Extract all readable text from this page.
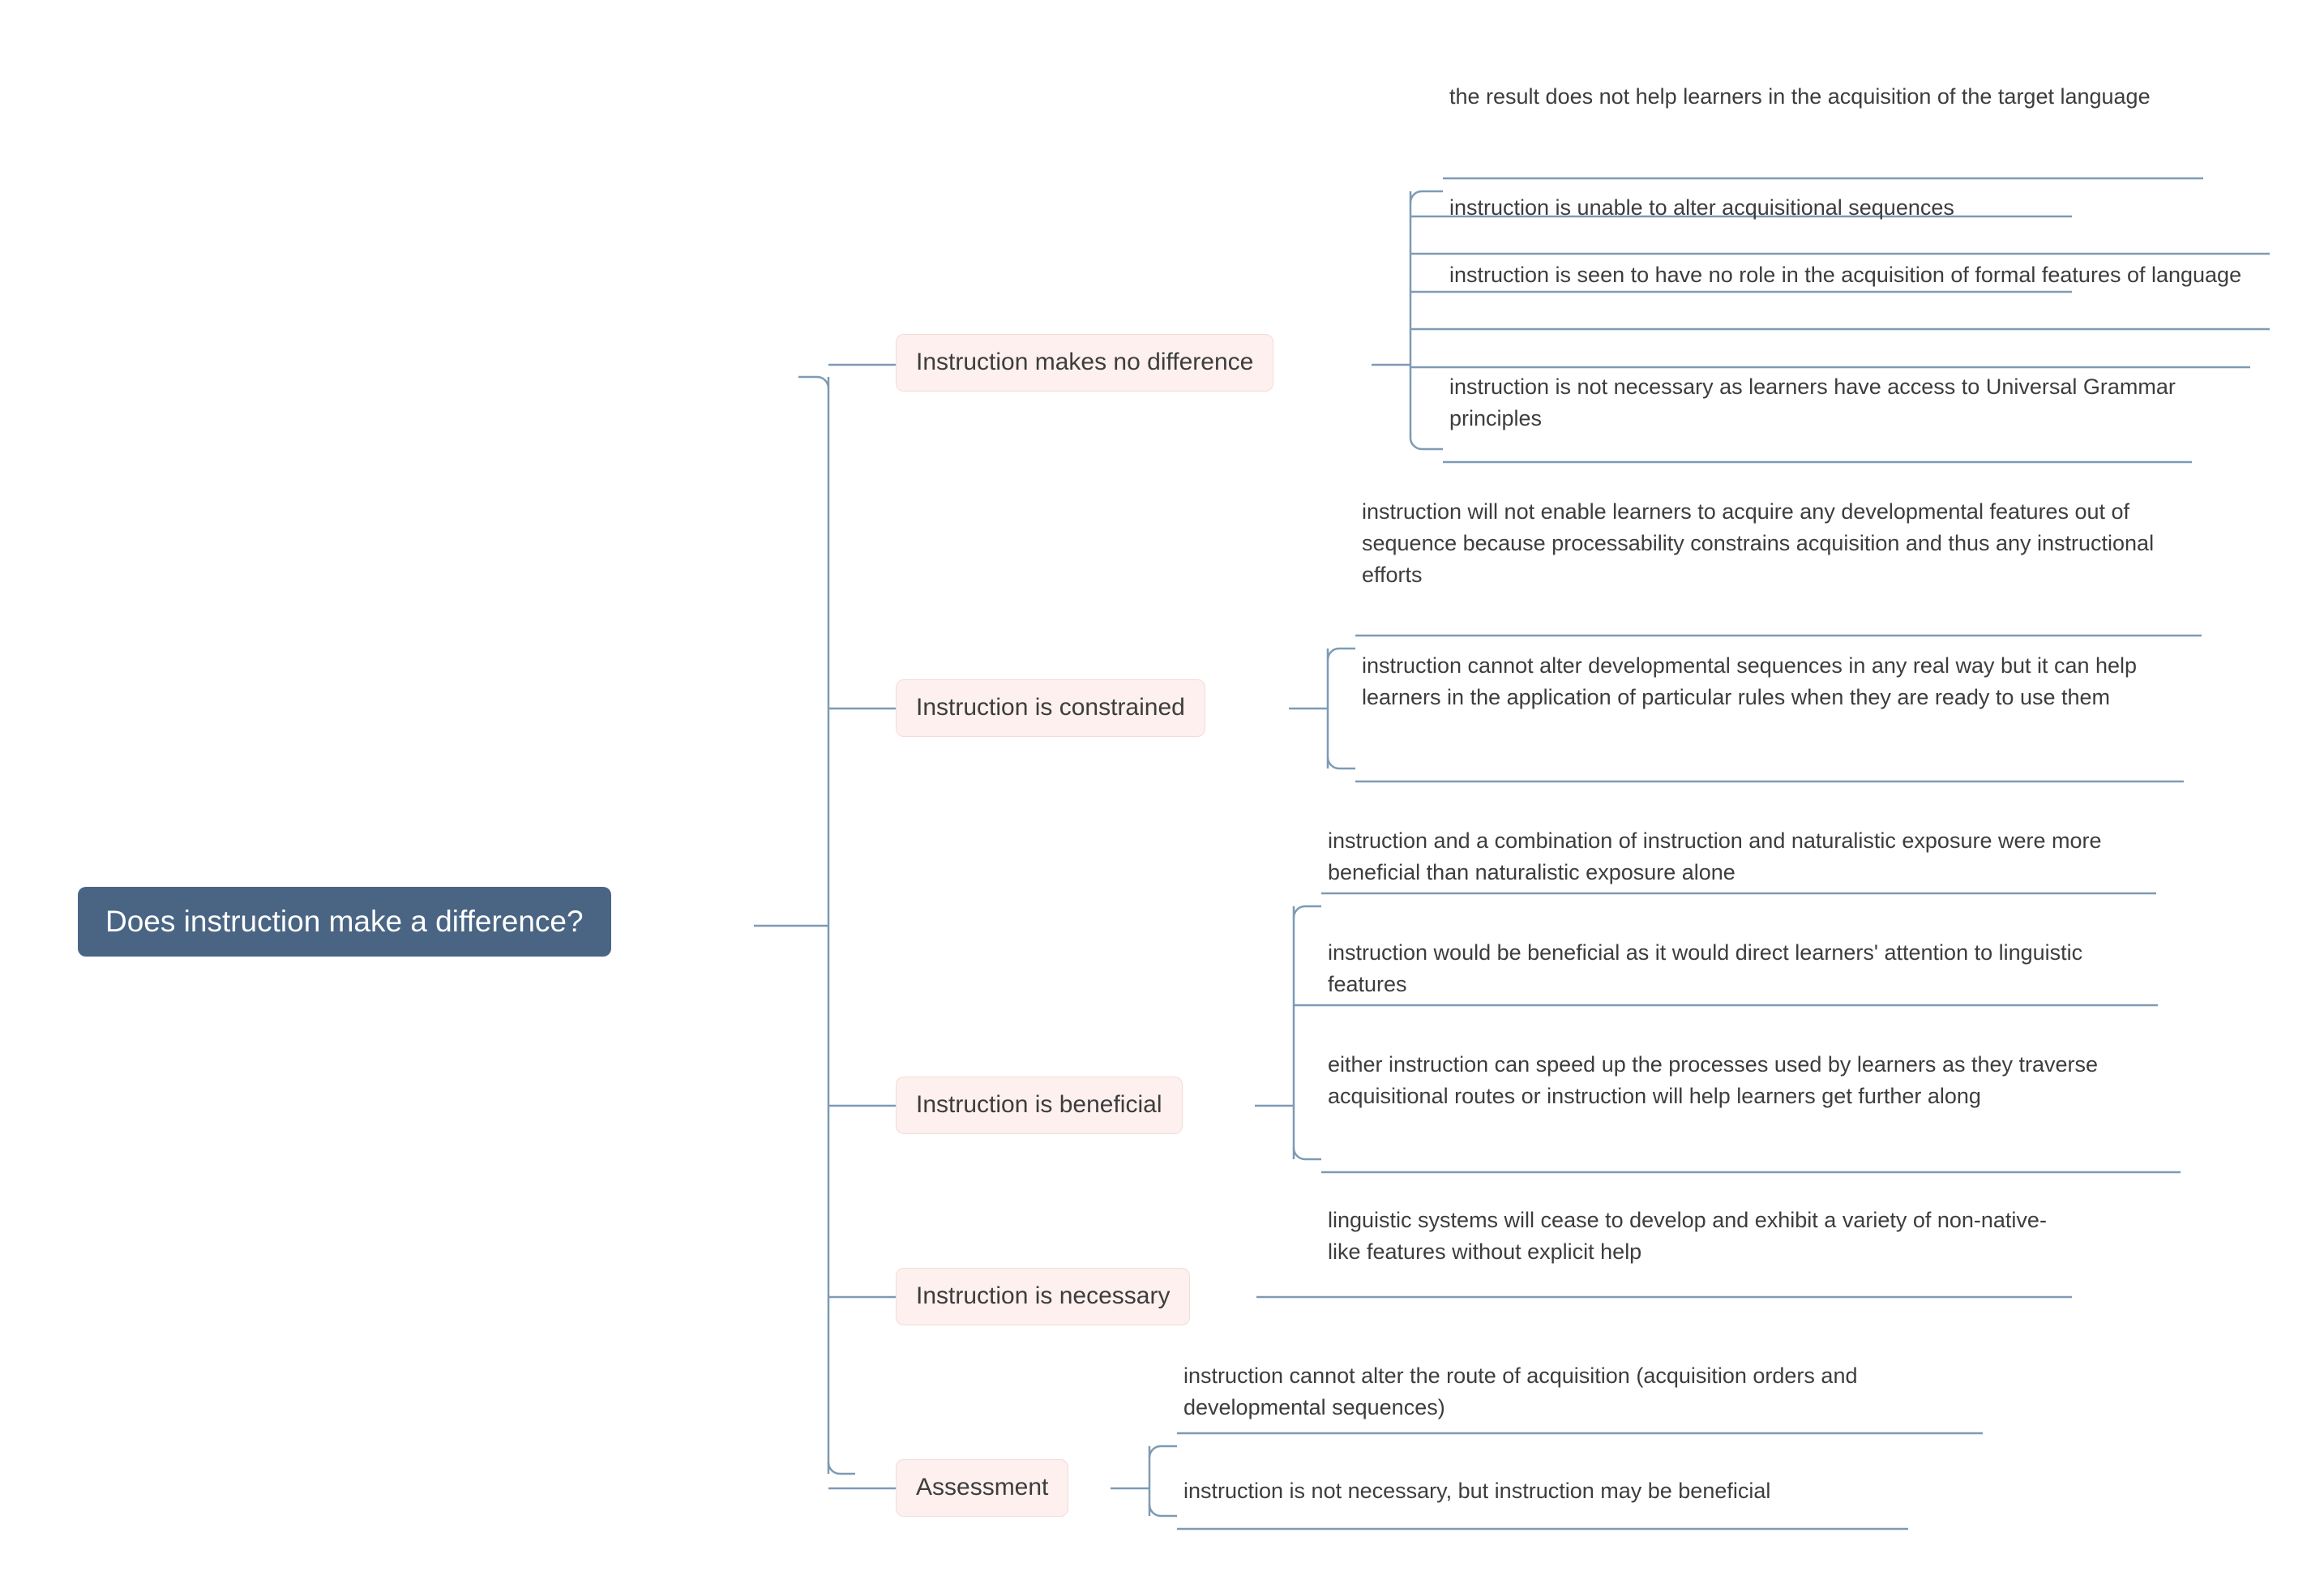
Does instruction make a difference?
Instruction makes no difference
the result does not help learners in the acquisition of the target language
instruction is unable to alter acquisitional sequences
instruction is seen to have no role in the acquisition of formal features of language
instruction is not necessary as learners have access to Universal Grammar principles
Instruction is constrained
instruction will not enable learners to acquire any developmental features out of sequence because processability constrains acquisition and thus any instructional efforts
instruction cannot alter developmental sequences in any real way but it can help learners in the application of particular rules when they are ready to use them
Instruction is beneficial
instruction and a combination of instruction and naturalistic exposure were more beneficial than naturalistic exposure alone
instruction would be beneficial as it would direct learners' attention to linguistic features
either instruction can speed up the processes used by learners as they traverse acquisitional routes or instruction will help learners get further along
Instruction is necessary
linguistic systems will cease to develop and exhibit a variety of non-native-like features without explicit help
Assessment
instruction cannot alter the route of acquisition (acquisition orders and developmental sequences)
instruction is not necessary, but instruction may be beneficial
